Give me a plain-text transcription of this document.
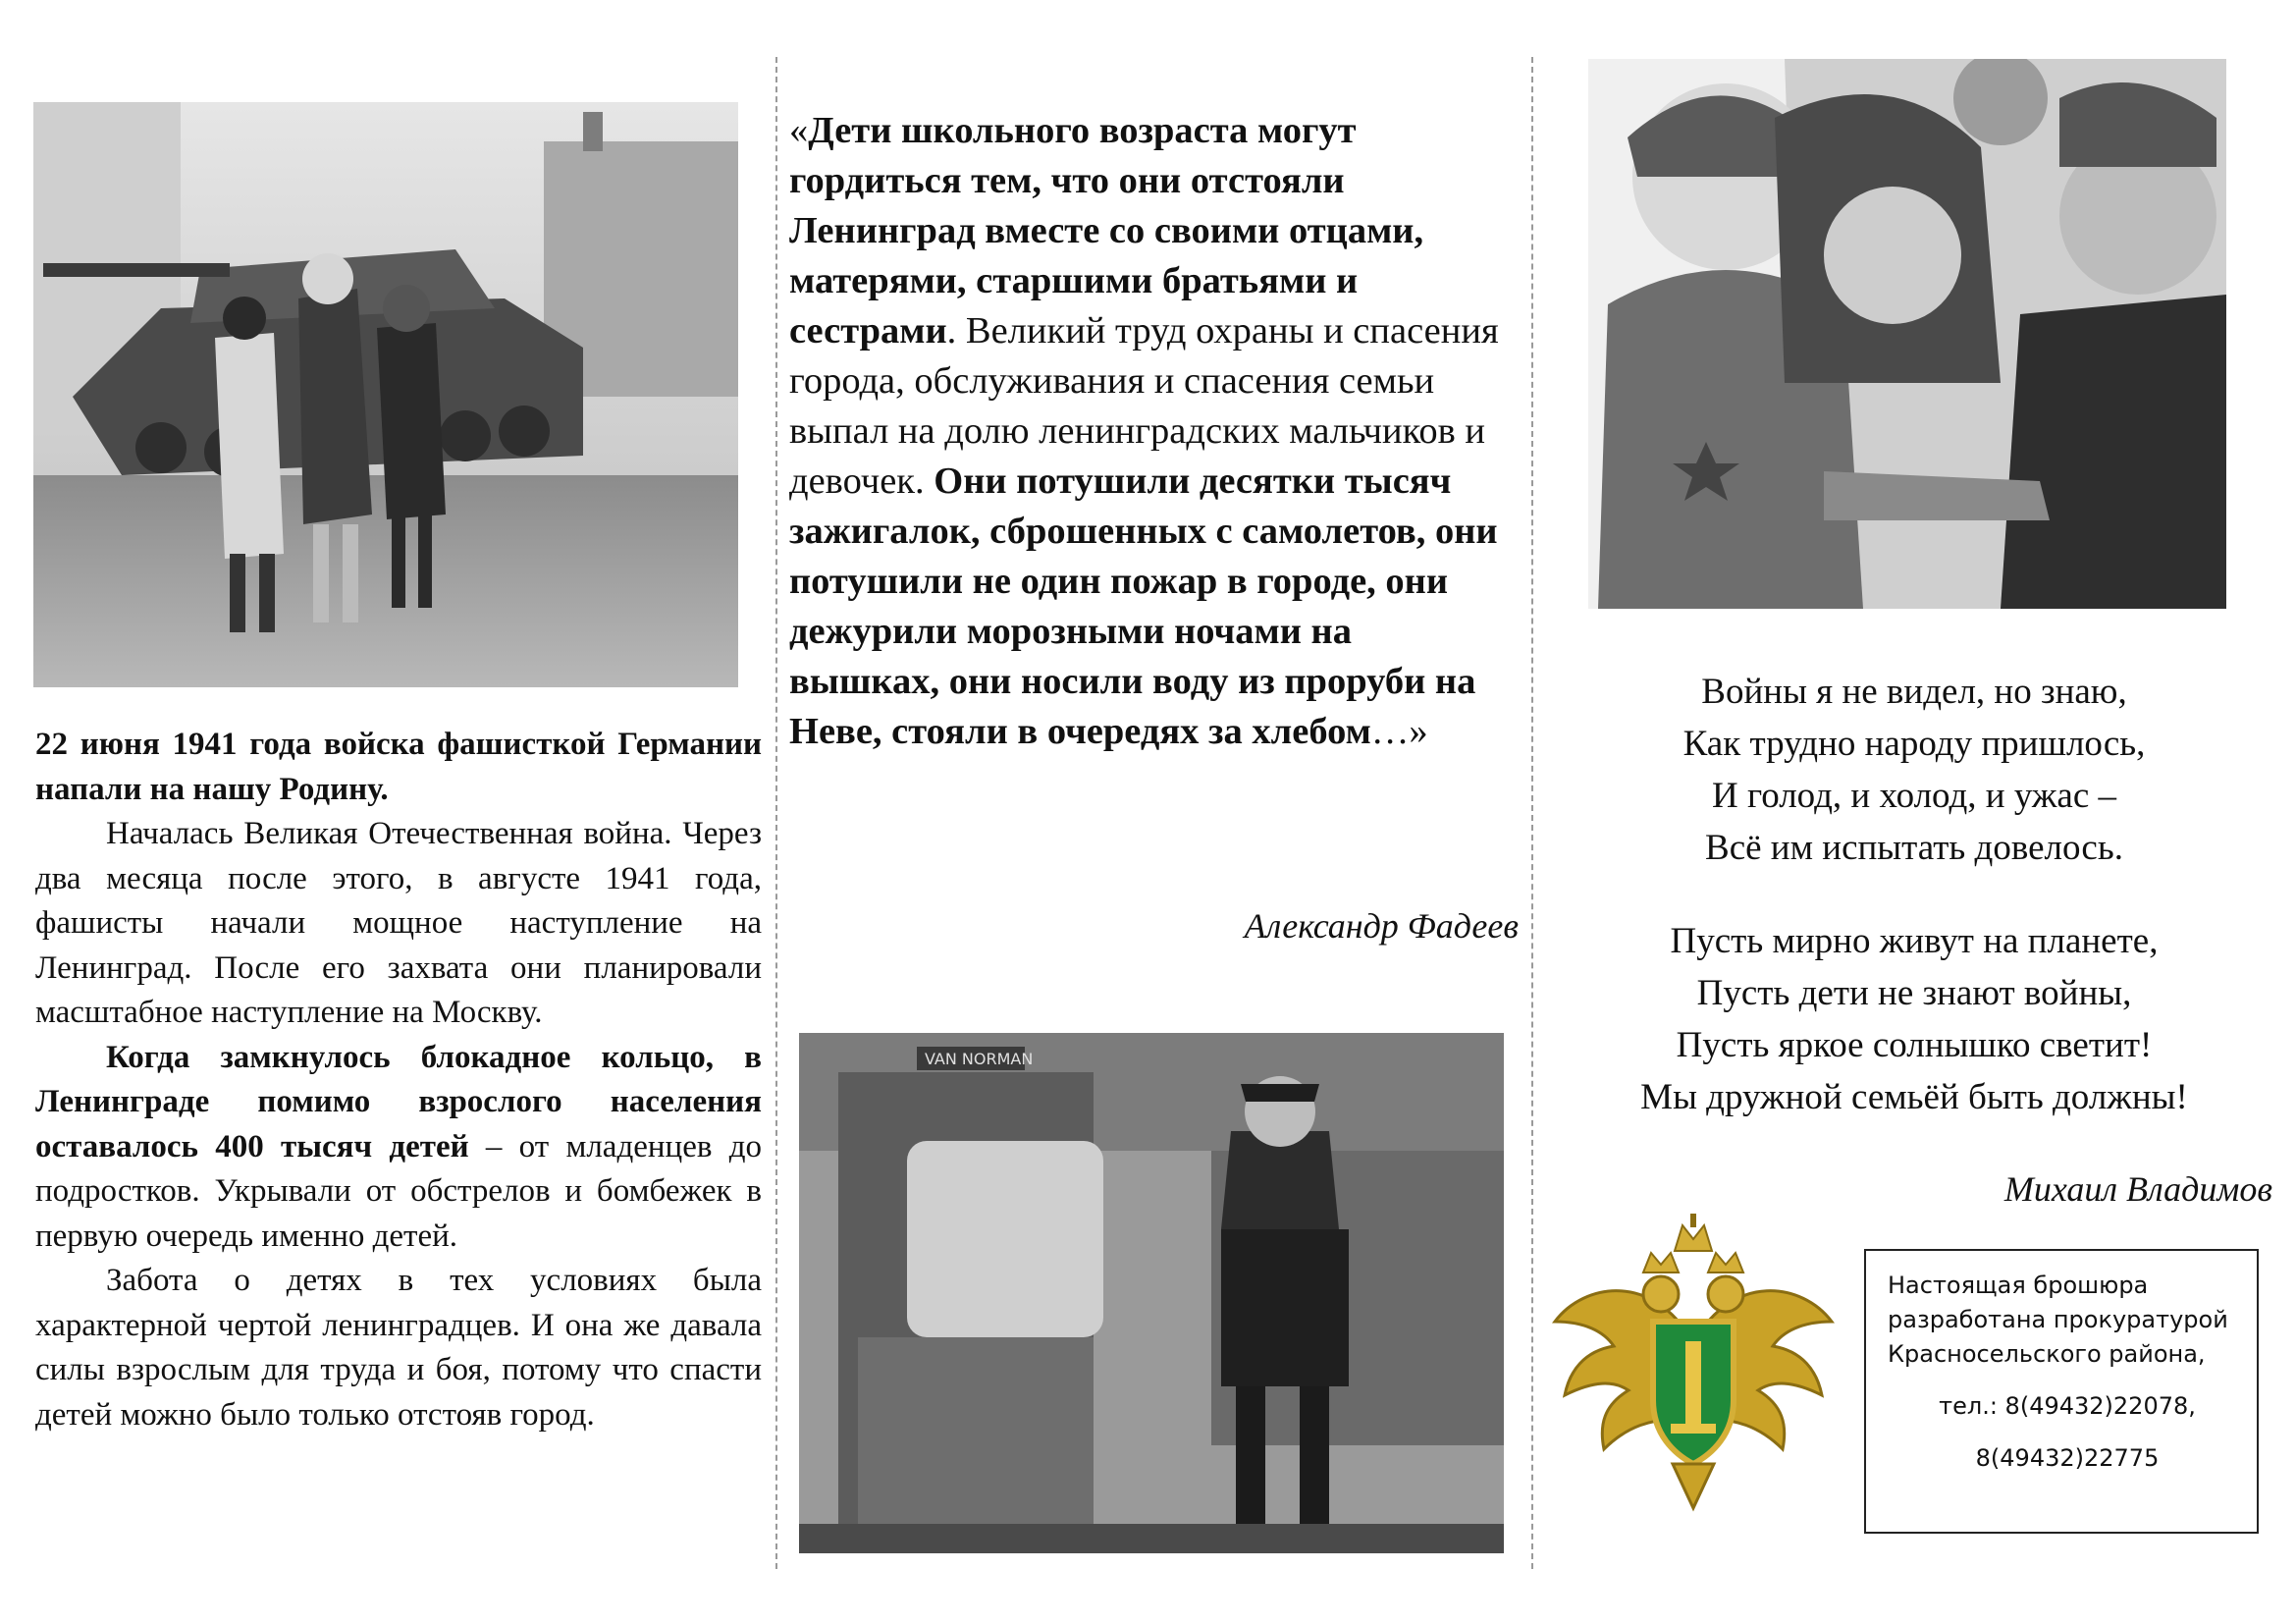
22 июня 1941 года войска фашисткой Германии напали на нашу Родину.

Началась Великая Отечественная война. Через два месяца после этого, в августе 1941 года, фашисты начали мощное наступление на Ленинград. После его захвата они планировали масштабное наступление на Москву.

Когда замкнулось блокадное кольцо, в Ленинграде помимо взрослого населения оставалось 400 тысяч детей – от младенцев до подростков. Укрывали от обстрелов и бомбежек в первую очередь именно детей.

Забота о детях в тех условиях была характерной чертой ленинградцев. И она же давала силы взрослым для труда и боя, потому что спасти детей можно было только отстояв город.

«Дети школьного возраста могут гордиться тем, что они отстояли Ленинград вместе со своими отцами, матерями, старшими братьями и сестрами. Великий труд охраны и спасения города, обслуживания и спасения семьи выпал на долю ленинградских мальчиков и девочек. Они потушили десятки тысяч зажигалок, сброшенных с самолетов, они потушили не один пожар в городе, они дежурили морозными ночами на вышках, они носили воду из проруби на Неве, стояли в очередях за хлебом…»
Александр Фадеев
VAN NORMAN
Войны я не видел, но знаю,
Как трудно народу пришлось,
И голод, и холод, и ужас –
Всё им испытать довелось.
Пусть мирно живут на планете,
Пусть дети не знают войны,
Пусть яркое солнышко светит!
Мы дружной семьёй быть должны!
Михаил Владимов
Настоящая брошюра
разработана прокуратурой
Красносельского района,
тел.: 8(49432)22078,
8(49432)22775
